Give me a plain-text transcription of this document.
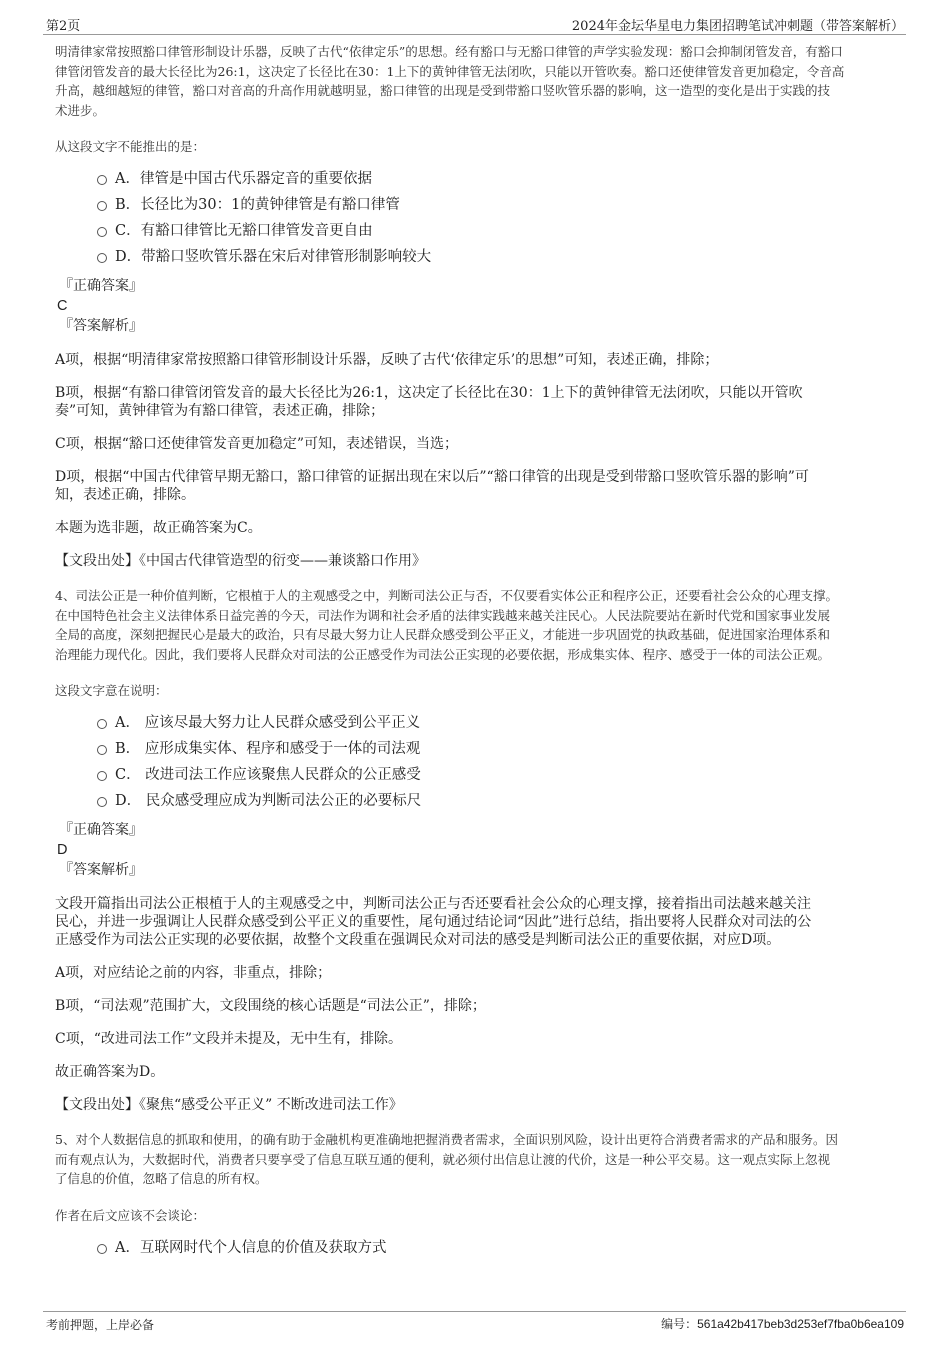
第2页	2024年金坛华星电力集团招聘笔试冲刺题（带答案解析）

明清律家常按照豁口律管形制设计乐器，反映了古代“依律定乐”的思想。经有豁口与无豁口律管的声学实验发现：豁口会抑制闭管发音，有豁口
律管闭管发音的最大长径比为26:1，这决定了长径比在30：1上下的黄钟律管无法闭吹，只能以开管吹奏。豁口还使律管发音更加稳定，令音高
升高，越细越短的律管，豁口对音高的升高作用就越明显，豁口律管的出现是受到带豁口竖吹管乐器的影响，这一造型的变化是出于实践的技
术进步。

从这段文字不能推出的是：

A．律管是中国古代乐器定音的重要依据
B．长径比为30：1的黄钟律管是有豁口律管
C．有豁口律管比无豁口律管发音更自由
D．带豁口竖吹管乐器在宋后对律管形制影响较大

『正确答案』

C

『答案解析』

A项，根据“明清律家常按照豁口律管形制设计乐器，反映了古代‘依律定乐’的思想”可知，表述正确，排除；

B项，根据“有豁口律管闭管发音的最大长径比为26:1，这决定了长径比在30：1上下的黄钟律管无法闭吹，只能以开管吹
奏”可知，黄钟律管为有豁口律管，表述正确，排除；

C项，根据“豁口还使律管发音更加稳定”可知，表述错误，当选；

D项，根据“中国古代律管早期无豁口，豁口律管的证据出现在宋以后”“豁口律管的出现是受到带豁口竖吹管乐器的影响”可
知，表述正确，排除。

本题为选非题，故正确答案为C。

【文段出处】《中国古代律管造型的衍变——兼谈豁口作用》

4、司法公正是一种价值判断，它根植于人的主观感受之中，判断司法公正与否，不仅要看实体公正和程序公正，还要看社会公众的心理支撑。
在中国特色社会主义法律体系日益完善的今天，司法作为调和社会矛盾的法律实践越来越关注民心。人民法院要站在新时代党和国家事业发展
全局的高度，深刻把握民心是最大的政治，只有尽最大努力让人民群众感受到公平正义，才能进一步巩固党的执政基础，促进国家治理体系和
治理能力现代化。因此，我们要将人民群众对司法的公正感受作为司法公正实现的必要依据，形成集实体、程序、感受于一体的司法公正观。

这段文字意在说明：

A． 应该尽最大努力让人民群众感受到公平正义
B． 应形成集实体、程序和感受于一体的司法观
C． 改进司法工作应该聚焦人民群众的公正感受
D． 民众感受理应成为判断司法公正的必要标尺

『正确答案』

D

『答案解析』

文段开篇指出司法公正根植于人的主观感受之中，判断司法公正与否还要看社会公众的心理支撑，接着指出司法越来越关注
民心，并进一步强调让人民群众感受到公平正义的重要性，尾句通过结论词“因此”进行总结，指出要将人民群众对司法的公
正感受作为司法公正实现的必要依据，故整个文段重在强调民众对司法的感受是判断司法公正的重要依据，对应D项。

A项，对应结论之前的内容，非重点，排除；

B项，“司法观”范围扩大，文段围绕的核心话题是“司法公正”，排除；

C项，“改进司法工作”文段并未提及，无中生有，排除。

故正确答案为D。

【文段出处】《聚焦“感受公平正义” 不断改进司法工作》

5、对个人数据信息的抓取和使用，的确有助于金融机构更准确地把握消费者需求，全面识别风险，设计出更符合消费者需求的产品和服务。因
而有观点认为，大数据时代，消费者只要享受了信息互联互通的便利，就必须付出信息让渡的代价，这是一种公平交易。这一观点实际上忽视
了信息的价值，忽略了信息的所有权。

作者在后文应该不会谈论：

A．互联网时代个人信息的价值及获取方式
考前押题，上岸必备	编号：561a42b417beb3d253ef7fba0b6ea109
